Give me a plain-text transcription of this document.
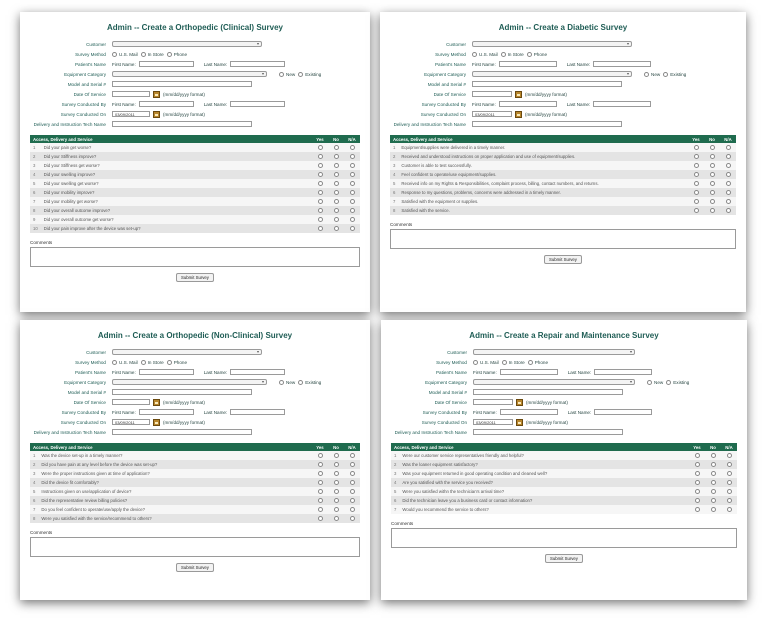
Admin -- Create a Orthopedic (Clinical) Survey
Customer	▾
Survey Method	U.S. Mail In Store Phone
Patient's Name	First Name:	Last Name:
Equipment Category	▾	New Existing
Model and Serial #
Date Of Service	(mm/dd/yyyy format)
Survey Conducted By	First Name:	Last Name:
Survey Conducted On	03/09/2011	(mm/dd/yyyy format)
Delivery and Instruction Tech Name
Access, Delivery and Service		Yes	No	N/A
1	Did your pain get worse?			
2	Did your Stiffness improve?			
3	Did your Stiffness get worse?			
4	Did your swelling improve?			
5	Did your swelling get worse?			
6	Did your mobility improve?			
7	Did your mobility get worse?			
8	Did your overall outcome improve?			
9	Did your overall outcome get worse?			
10	Did your pain improve after the device was set-up?			
Comments
Submit Survey
Admin -- Create a Diabetic Survey
Customer	▾
Survey Method	U.S. Mail In Store Phone
Patient's Name	First Name:	Last Name:
Equipment Category	▾	New Existing
Model and Serial #
Date Of Service	(mm/dd/yyyy format)
Survey Conducted By	First Name:	Last Name:
Survey Conducted On	03/09/2011	(mm/dd/yyyy format)
Delivery and Instruction Tech Name
Access, Delivery and Service		Yes	No	N/A
1	Equipment/supplies were delivered in a timely manner.			
2	Received and understood instructions on proper application and use of equipment/supplies.			
3	Customer is able to test successfully.			
4	Feel confident to operate/use equipment/supplies.			
5	Received info on my Rights & Responsibilities, complaint process, billing, contact numbers, and returns.			
6	Response to my questions, problems, concerns were addressed in a timely manner.			
7	Satisfied with the equipment or supplies.			
8	Satisfied with the service.			
Comments
Submit Survey
Admin -- Create a Orthopedic (Non-Clinical) Survey
Customer	▾
Survey Method	U.S. Mail In Store Phone
Patient's Name	First Name:	Last Name:
Equipment Category	▾	New Existing
Model and Serial #
Date Of Service	(mm/dd/yyyy format)
Survey Conducted By	First Name:	Last Name:
Survey Conducted On	03/09/2011	(mm/dd/yyyy format)
Delivery and Instruction Tech Name
Access, Delivery and Service		Yes	No	N/A
1	Was the device set-up in a timely manner?			
2	Did you have pain at any level before the device was set-up?			
3	Were the proper instructions given at time of application?			
4	Did the device fit comfortably?			
5	Instructions given on use/application of device?			
6	Did the representative review billing policies?			
7	Do you feel confident to operate/use/apply the device?			
8	Were you satisfied with the service/recommend to others?			
Comments
Submit Survey
Admin -- Create a Repair and Maintenance Survey
Customer	▾
Survey Method	U.S. Mail In Store Phone
Patient's Name	First Name:	Last Name:
Equipment Category	▾	New Existing
Model and Serial #
Date Of Service	(mm/dd/yyyy format)
Survey Conducted By	First Name:	Last Name:
Survey Conducted On	03/09/2011	(mm/dd/yyyy format)
Delivery and Instruction Tech Name
Access, Delivery and Service		Yes	No	N/A
1	Were our customer service representatives friendly and helpful?			
2	Was the loaner equipment satisfactory?			
3	Was your equipment returned in good operating condition and cleaned well?			
4	Are you satisfied with the service you received?			
5	Were you satisfied withn the technician's arrival time?			
6	Did the technician leave you a business card or contact information?			
7	Would you recommend the service to others?			
Comments
Submit Survey
